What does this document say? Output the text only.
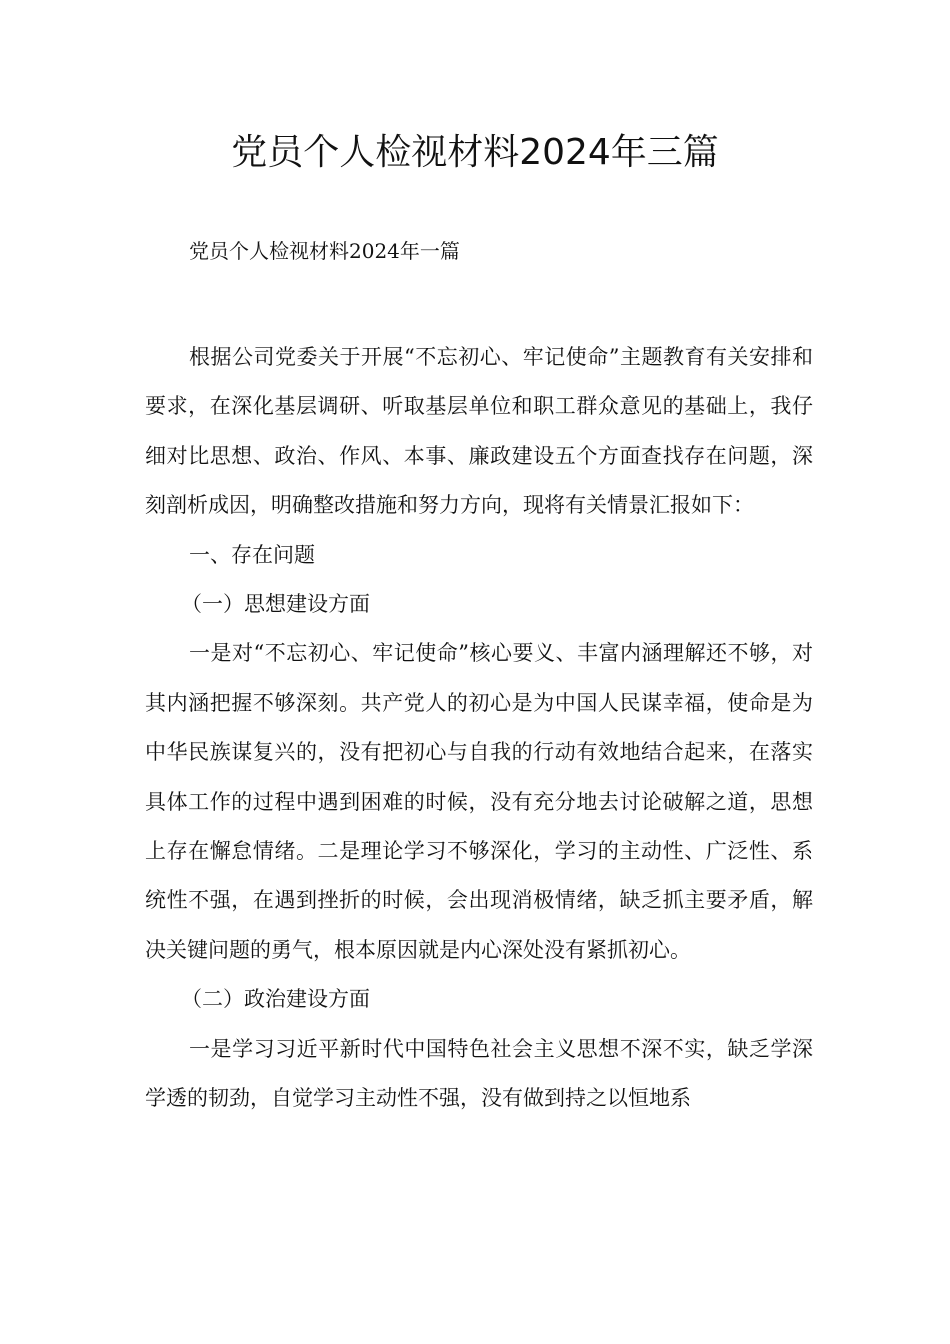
党员个人检视材料2024年三篇
党员个人检视材料2024年一篇

根据公司党委关于开展“不忘初心、牢记使命”主题教育有关安排和要求，在深化基层调研、听取基层单位和职工群众意见的基础上，我仔细对比思想、政治、作风、本事、廉政建设五个方面查找存在问题，深刻剖析成因，明确整改措施和努力方向，现将有关情景汇报如下：

一、存在问题

（一）思想建设方面

一是对“不忘初心、牢记使命”核心要义、丰富内涵理解还不够，对其内涵把握不够深刻。共产党人的初心是为中国人民谋幸福，使命是为中华民族谋复兴的，没有把初心与自我的行动有效地结合起来，在落实具体工作的过程中遇到困难的时候，没有充分地去讨论破解之道，思想上存在懈怠情绪。二是理论学习不够深化，学习的主动性、广泛性、系统性不强，在遇到挫折的时候，会出现消极情绪，缺乏抓主要矛盾，解决关键问题的勇气，根本原因就是内心深处没有紧抓初心。

（二）政治建设方面

一是学习习近平新时代中国特色社会主义思想不深不实，缺乏学深学透的韧劲，自觉学习主动性不强，没有做到持之以恒地系
